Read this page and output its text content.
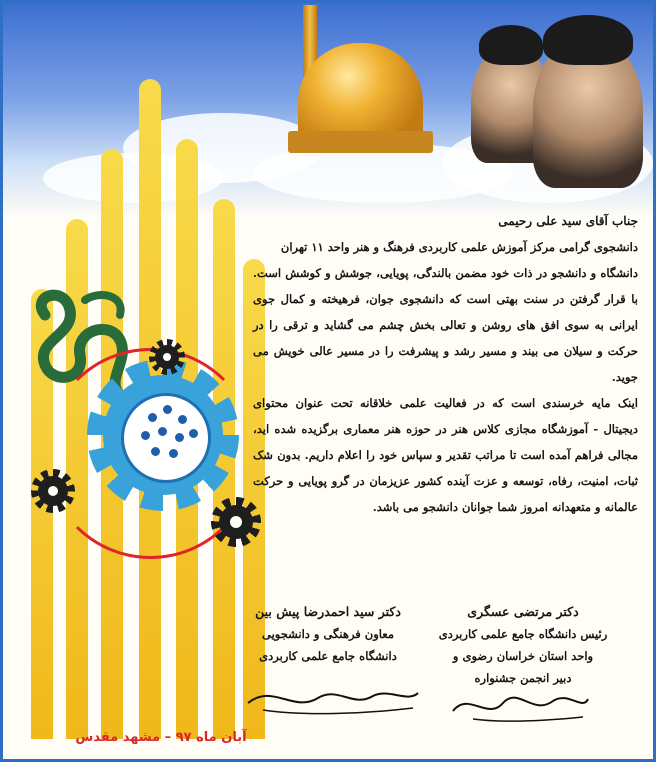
جناب آقای سید علی رحیمی

دانشجوی گرامی مرکز آموزش علمی کاربردی فرهنگ و هنر واحد ۱۱ تهران

دانشگاه و دانشجو در ذات خود مضمن بالندگی، پویایی، جوشش و کوشش است. با قرار گرفتن در سنت بهتی است که دانشجوی جوان، فرهیخته و کمال جوی ایرانی به سوی افق های روشن و تعالی بخش چشم می گشاید و ترقی را در حرکت و سیلان می بیند و مسیر رشد و پیشرفت را در مسیر عالی خویش می جوید.

اینک مایه خرسندی است که در فعالیت علمی خلاقانه تحت عنوان محتوای دیجیتال - آموزشگاه مجازی کلاس هنر در حوزه هنر معماری برگزیده شده اید، مجالی فراهم آمده است تا مراتب تقدیر و سپاس خود را اعلام داریم. بدون شک ثبات، امنیت، رفاه، توسعه و عزت آینده کشور عزیزمان در گرو پویایی و حرکت عالمانه و متعهدانه امروز شما جوانان دانشجو می باشد.

دکتر مرتضی عسگری
رئیس دانشگاه جامع علمی کاربردی
واحد استان خراسان رضوی و
دبیر انجمن جشنواره
دکتر سید احمدرضا پیش بین
معاون فرهنگی و دانشجویی
دانشگاه جامع علمی کاربردی
آبان ماه ۹۷ – مشهد مقدس
